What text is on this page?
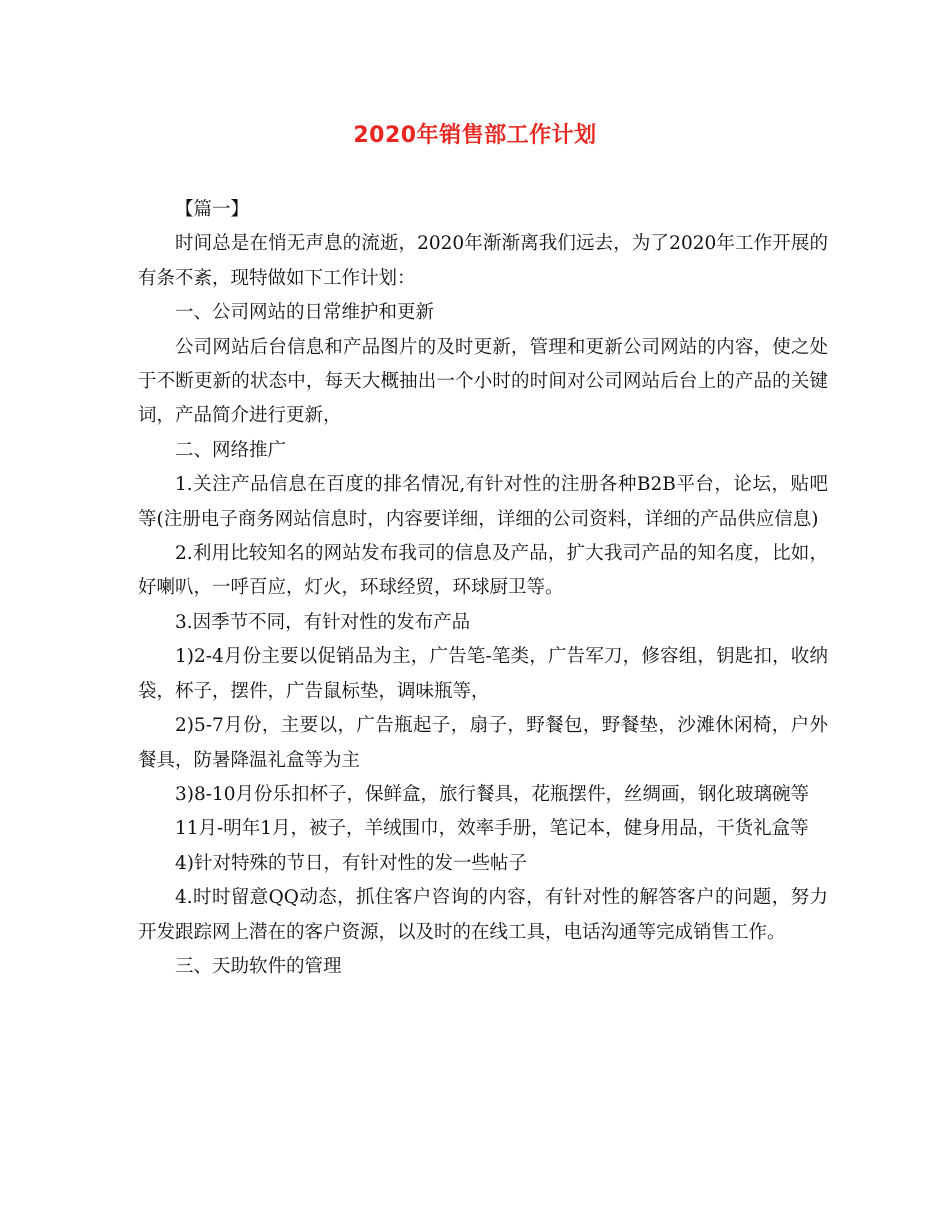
2020年销售部工作计划

【篇一】

时间总是在悄无声息的流逝，2020年渐渐离我们远去，为了2020年工作开展的有条不紊，现特做如下工作计划：

一、公司网站的日常维护和更新

公司网站后台信息和产品图片的及时更新，管理和更新公司网站的内容，使之处于不断更新的状态中，每天大概抽出一个小时的时间对公司网站后台上的产品的关键词，产品简介进行更新，

二、网络推广

1.关注产品信息在百度的排名情况,有针对性的注册各种B2B平台，论坛，贴吧等(注册电子商务网站信息时，内容要详细，详细的公司资料，详细的产品供应信息)

2.利用比较知名的网站发布我司的信息及产品，扩大我司产品的知名度，比如，好喇叭，一呼百应，灯火，环球经贸，环球厨卫等。

3.因季节不同，有针对性的发布产品

1)2-4月份主要以促销品为主，广告笔-笔类，广告军刀，修容组，钥匙扣，收纳袋，杯子，摆件，广告鼠标垫，调味瓶等，

2)5-7月份，主要以，广告瓶起子，扇子，野餐包，野餐垫，沙滩休闲椅，户外餐具，防暑降温礼盒等为主

3)8-10月份乐扣杯子，保鲜盒，旅行餐具，花瓶摆件，丝绸画，钢化玻璃碗等

11月-明年1月，被子，羊绒围巾，效率手册，笔记本，健身用品，干货礼盒等

4)针对特殊的节日，有针对性的发一些帖子

4.时时留意QQ动态，抓住客户咨询的内容，有针对性的解答客户的问题，努力开发跟踪网上潜在的客户资源，以及时的在线工具，电话沟通等完成销售工作。

三、天助软件的管理
